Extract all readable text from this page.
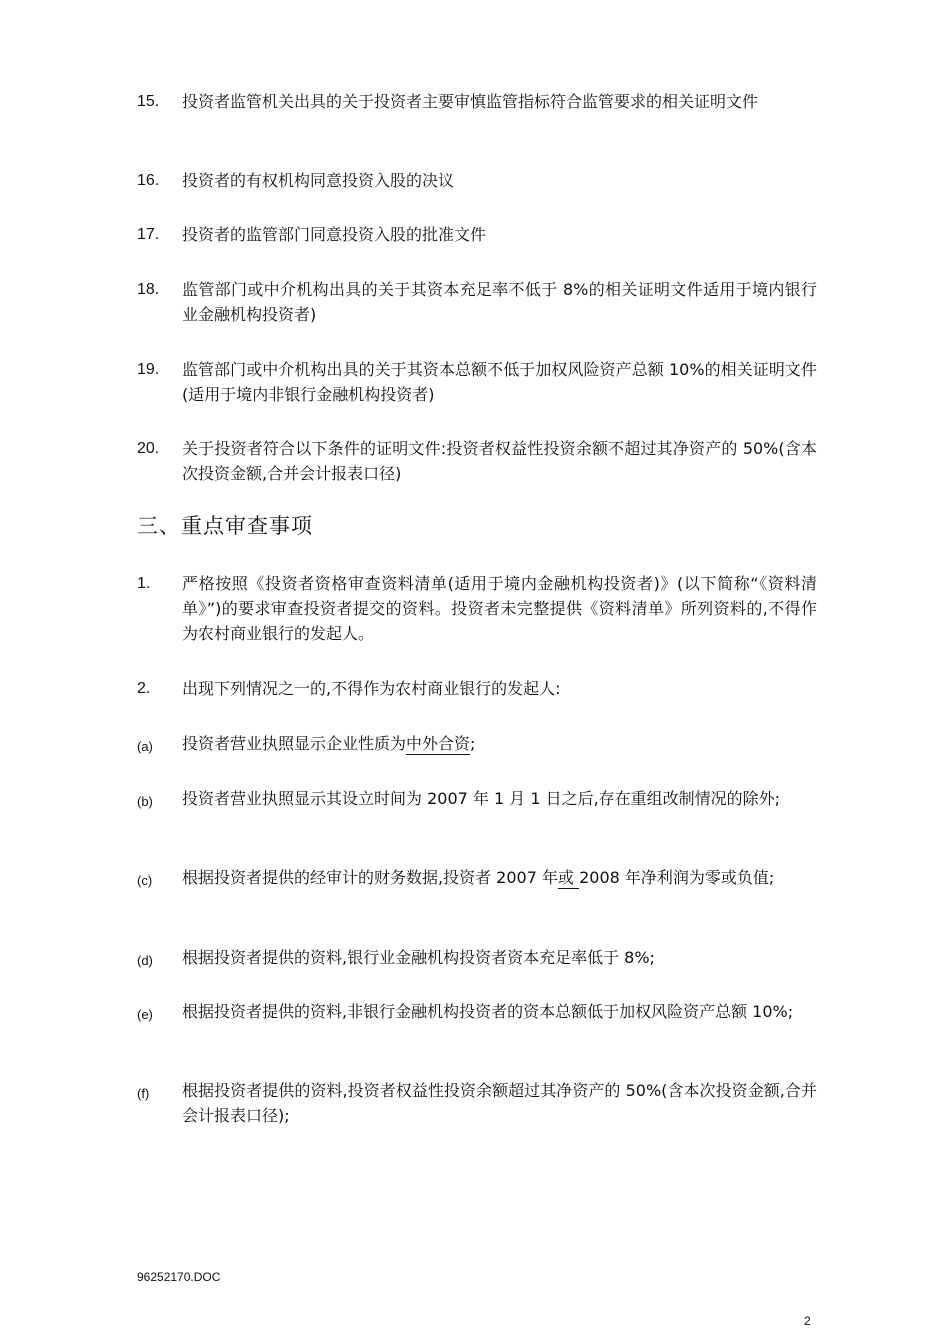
15. 投资者监管机关出具的关于投资者主要审慎监管指标符合监管要求的相关证明文件
16. 投资者的有权机构同意投资入股的决议
17. 投资者的监管部门同意投资入股的批准文件
18. 监管部门或中介机构出具的关于其资本充足率不低于 8%的相关证明文件适用于境内银行业金融机构投资者)
19. 监管部门或中介机构出具的关于其资本总额不低于加权风险资产总额 10%的相关证明文件(适用于境内非银行金融机构投资者)
20. 关于投资者符合以下条件的证明文件:投资者权益性投资余额不超过其净资产的 50%(含本次投资金额,合并会计报表口径)
三、重点审查事项
1. 严格按照《投资者资格审查资料清单(适用于境内金融机构投资者)》(以下简称“《资料清单》”)的要求审查投资者提交的资料。投资者未完整提供《资料清单》所列资料的,不得作为农村商业银行的发起人。
2. 出现下列情况之一的,不得作为农村商业银行的发起人:
(a) 投资者营业执照显示企业性质为中外合资;
(b) 投资者营业执照显示其设立时间为 2007 年 1 月 1 日之后,存在重组改制情况的除外;
(c) 根据投资者提供的经审计的财务数据,投资者 2007 年或 2008 年净利润为零或负值;
(d) 根据投资者提供的资料,银行业金融机构投资者资本充足率低于 8%;
(e) 根据投资者提供的资料,非银行金融机构投资者的资本总额低于加权风险资产总额 10%;
(f) 根据投资者提供的资料,投资者权益性投资余额超过其净资产的 50%(含本次投资金额,合并会计报表口径);
96252170.DOC
2
